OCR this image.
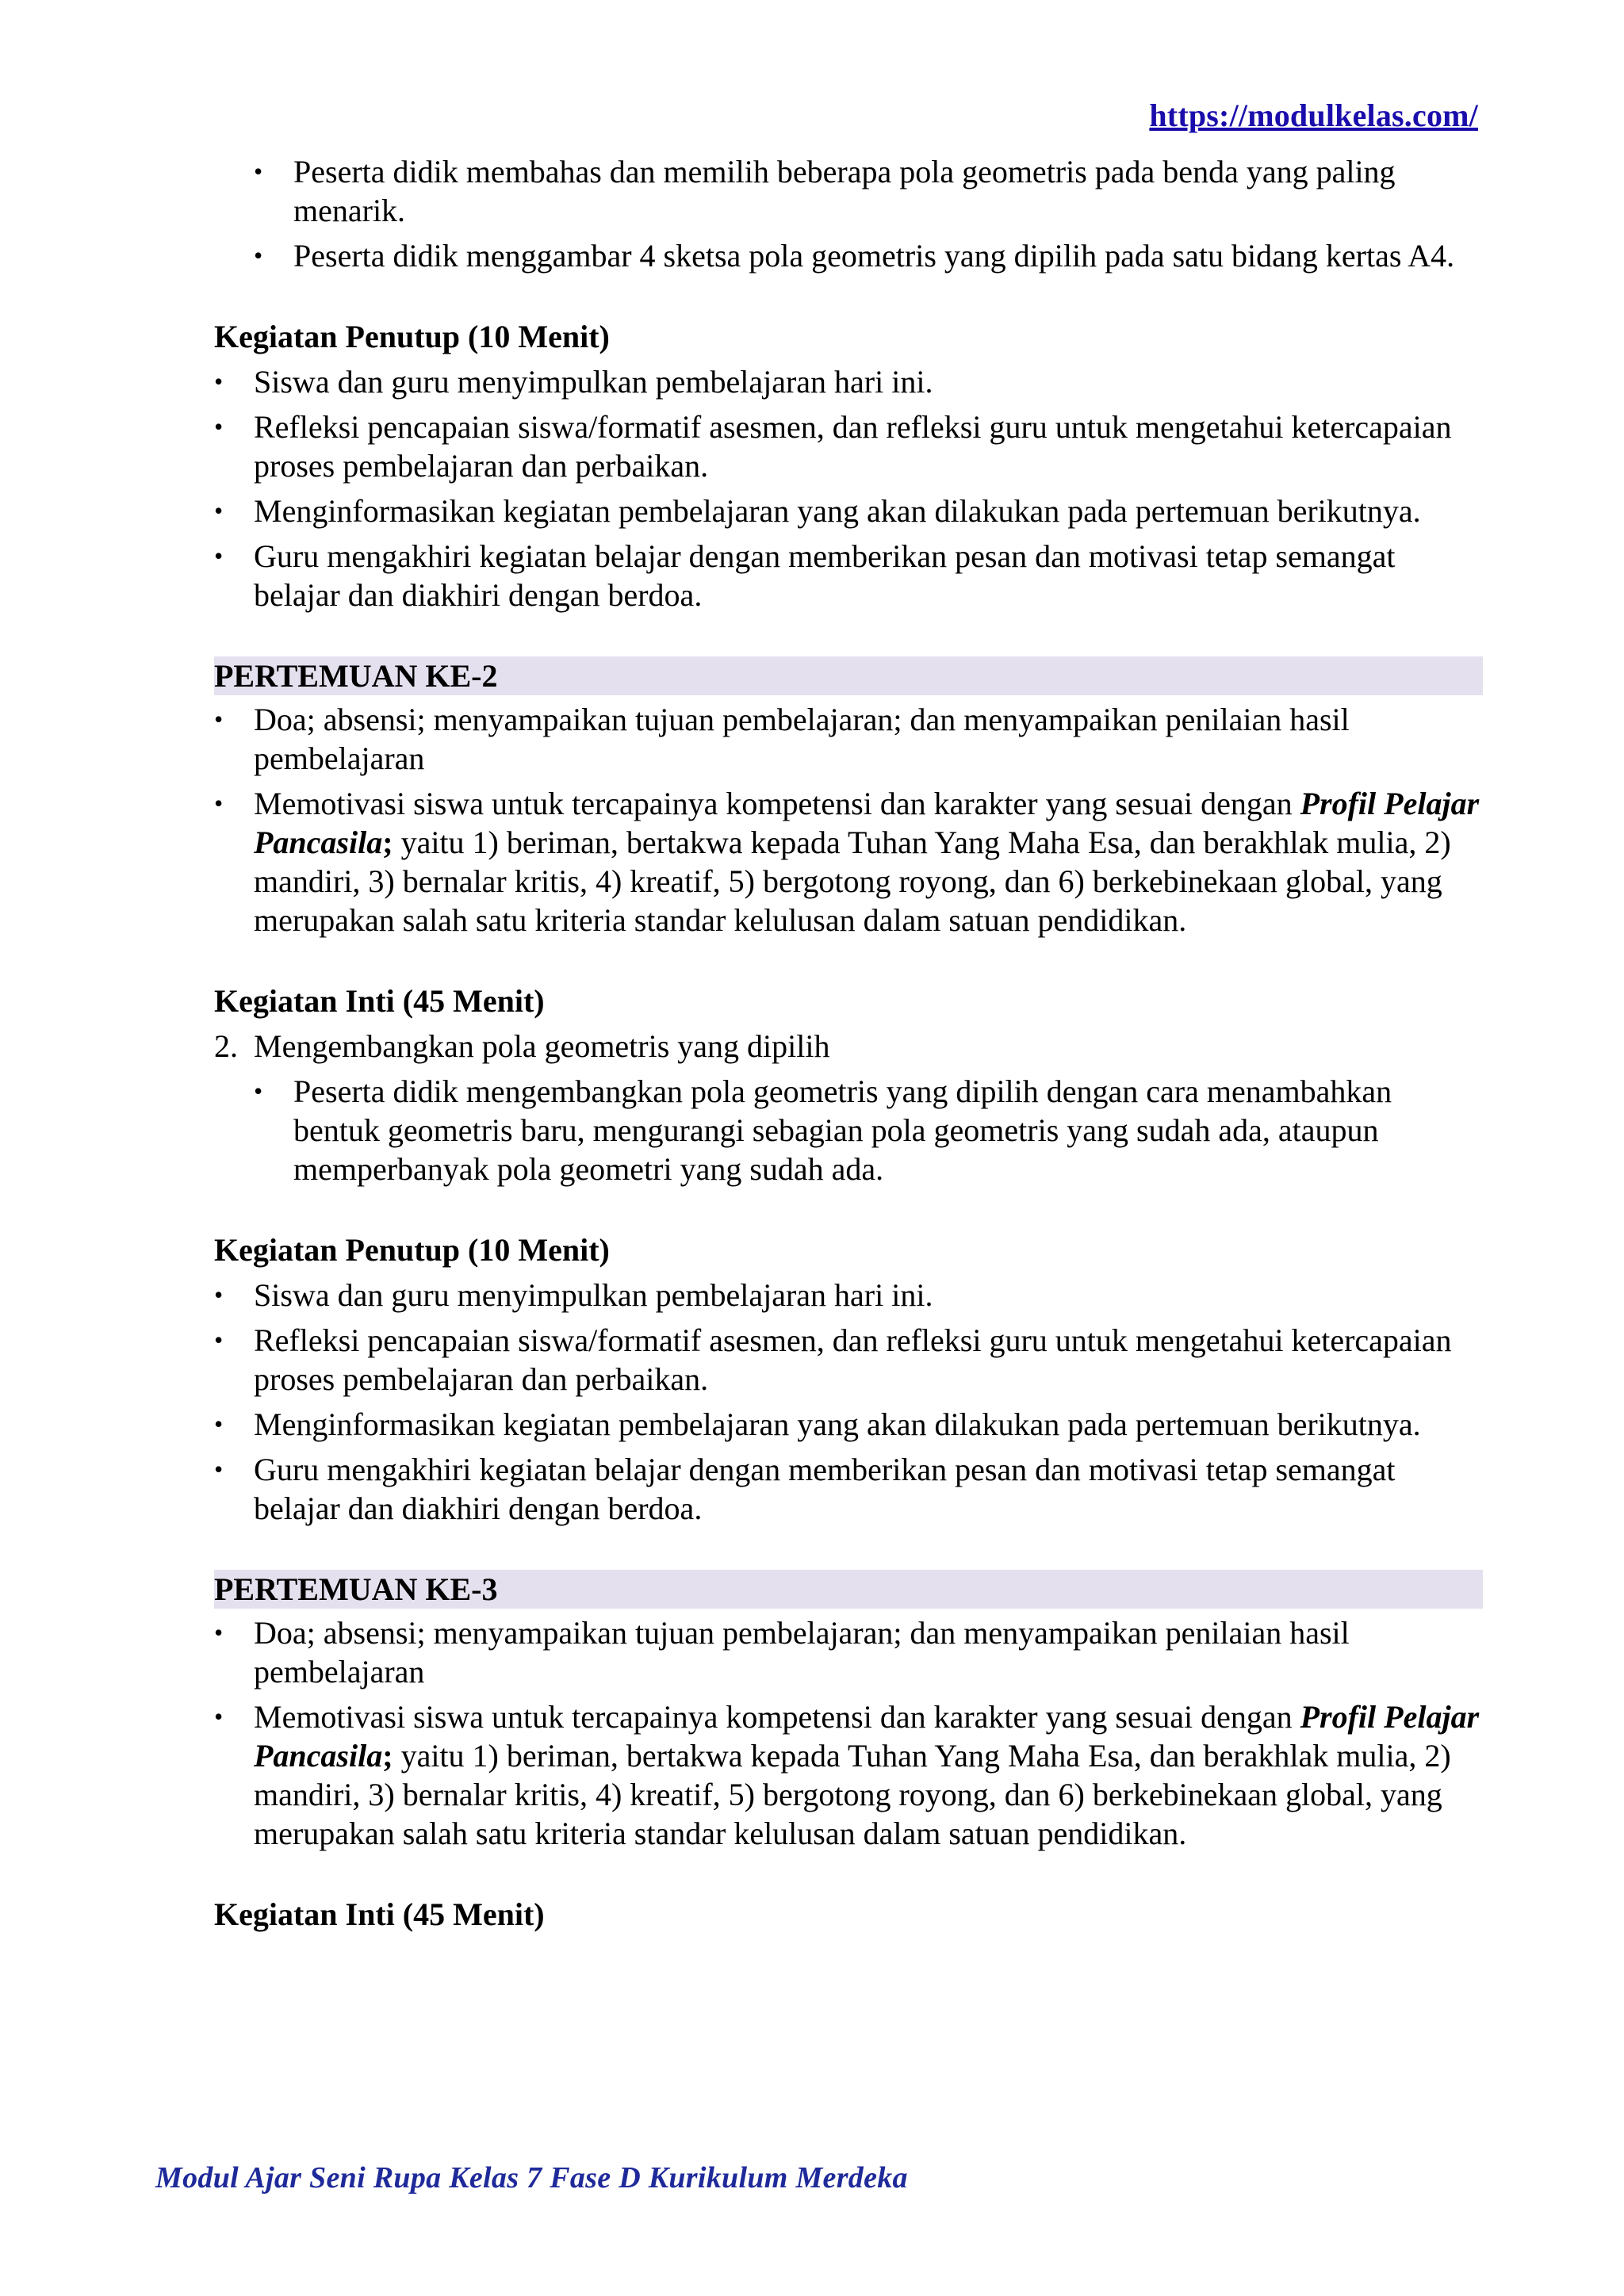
https://modulkelas.com/
• Peserta didik membahas dan memilih beberapa pola geometris pada benda yang paling menarik.
• Peserta didik menggambar 4 sketsa pola geometris yang dipilih pada satu bidang kertas A4.
Kegiatan Penutup (10 Menit)
• Siswa dan guru menyimpulkan pembelajaran hari ini.
• Refleksi pencapaian siswa/formatif asesmen, dan refleksi guru untuk mengetahui ketercapaian proses pembelajaran dan perbaikan.
• Menginformasikan kegiatan pembelajaran yang akan dilakukan pada pertemuan berikutnya.
• Guru mengakhiri kegiatan belajar dengan memberikan pesan dan motivasi tetap semangat belajar dan diakhiri dengan berdoa.
PERTEMUAN KE-2
• Doa; absensi; menyampaikan tujuan pembelajaran; dan menyampaikan penilaian hasil pembelajaran
• Memotivasi siswa untuk tercapainya kompetensi dan karakter yang sesuai dengan Profil Pelajar Pancasila; yaitu 1) beriman, bertakwa kepada Tuhan Yang Maha Esa, dan berakhlak mulia, 2) mandiri, 3) bernalar kritis, 4) kreatif, 5) bergotong royong, dan 6) berkebinekaan global, yang merupakan salah satu kriteria standar kelulusan dalam satuan pendidikan.
Kegiatan Inti (45 Menit)
2. Mengembangkan pola geometris yang dipilih
• Peserta didik mengembangkan pola geometris yang dipilih dengan cara menambahkan bentuk geometris baru, mengurangi sebagian pola geometris yang sudah ada, ataupun memperbanyak pola geometri yang sudah ada.
Kegiatan Penutup (10 Menit)
• Siswa dan guru menyimpulkan pembelajaran hari ini.
• Refleksi pencapaian siswa/formatif asesmen, dan refleksi guru untuk mengetahui ketercapaian proses pembelajaran dan perbaikan.
• Menginformasikan kegiatan pembelajaran yang akan dilakukan pada pertemuan berikutnya.
• Guru mengakhiri kegiatan belajar dengan memberikan pesan dan motivasi tetap semangat belajar dan diakhiri dengan berdoa.
PERTEMUAN KE-3
• Doa; absensi; menyampaikan tujuan pembelajaran; dan menyampaikan penilaian hasil pembelajaran
• Memotivasi siswa untuk tercapainya kompetensi dan karakter yang sesuai dengan Profil Pelajar Pancasila; yaitu 1) beriman, bertakwa kepada Tuhan Yang Maha Esa, dan berakhlak mulia, 2) mandiri, 3) bernalar kritis, 4) kreatif, 5) bergotong royong, dan 6) berkebinekaan global, yang merupakan salah satu kriteria standar kelulusan dalam satuan pendidikan.
Kegiatan Inti (45 Menit)
Modul Ajar Seni Rupa Kelas 7 Fase D Kurikulum Merdeka
